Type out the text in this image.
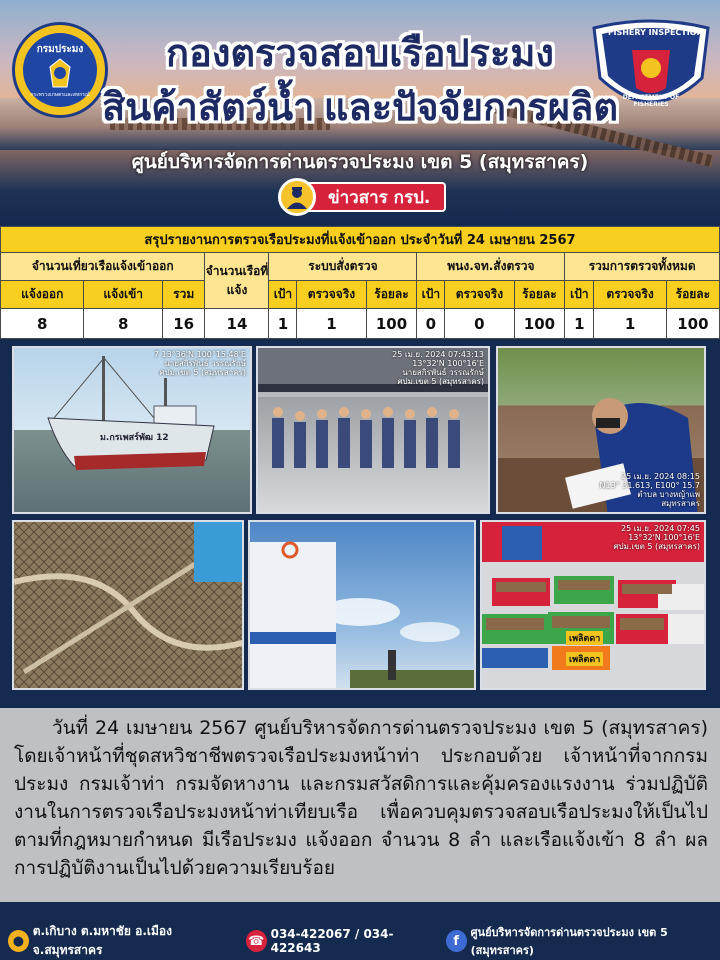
กรมประมง
กระทรวงเกษตรและสหกรณ์
FISHERY INSPECTION
DEPARTMENT OF FISHERIES
กองตรวจสอบเรือประมง
สินค้าสัตว์น้ำ และปัจจัยการผลิต
ศูนย์บริหารจัดการด่านตรวจประมง เขต 5 (สมุทรสาคร)
ข่าวสาร กรป.
สรุปรายงานการตรวจเรือประมงที่แจ้งเข้าออก ประจำวันที่ 24 เมษายน 2567												
จำนวนเที่ยวเรือแจ้งเข้าออก			จำนวนเรือที่แจ้ง	ระบบสั่งตรวจ			พนง.จท.สั่งตรวจ			รวมการตรวจทั้งหมด		
แจ้งออก	แจ้งเข้า	รวม		เป้า	ตรวจจริง	ร้อยละ	เป้า	ตรวจจริง	ร้อยละ	เป้า	ตรวจจริง	ร้อยละ
8	8	16	14	1	1	100	0	0	100	1	1	100
ม.กรเพสร์พัฒ 12
7 13°36'N 100°15.48'E
นายสกิรพันธ์ วรรณรักษ์
ศปม.เขต 5 (สมุทรสาคร)
25 เม.ย. 2024 07:43:13
13°32'N 100°16'E
นายสกิรพันธ์ วรรณรักษ์
ศปม.เขต 5 (สมุทรสาคร)
25 เม.ย. 2024 08:15
N13° 31.613, E100° 15.7
ตำบล บางหญ้าแพ
สมุทรสาคร
เพลิตดา
เพลิตดา
25 เม.ย. 2024 07:45
13°32'N 100°16'E
ศปม.เขต 5 (สมุทรสาคร)

วันที่ 24 เมษายน 2567 ศูนย์บริหารจัดการด่านตรวจประมง เขต 5 (สมุทรสาคร) โดยเจ้าหน้าที่ชุดสหวิชาชีพตรวจเรือประมงหน้าท่า ประกอบด้วย เจ้าหน้าที่จากกรมประมง กรมเจ้าท่า กรมจัดหางาน และกรมสวัสดิการและคุ้มครองแรงงาน ร่วมปฏิบัติงานในการตรวจเรือประมงหน้าท่าเทียบเรือ เพื่อควบคุมตรวจสอบเรือประมงให้เป็นไปตามที่กฎหมายกำหนด มีเรือประมง แจ้งออก จำนวน 8 ลำ และเรือแจ้งเข้า 8 ลำ ผลการปฏิบัติงานเป็นไปด้วยความเรียบร้อย

●
ต.เกิบาง ต.มหาชัย อ.เมือง จ.สมุทรสาคร
☎ 034-422067 / 034-422643	f
ศูนย์บริหารจัดการด่านตรวจประมง เขต 5 (สมุทรสาคร)
